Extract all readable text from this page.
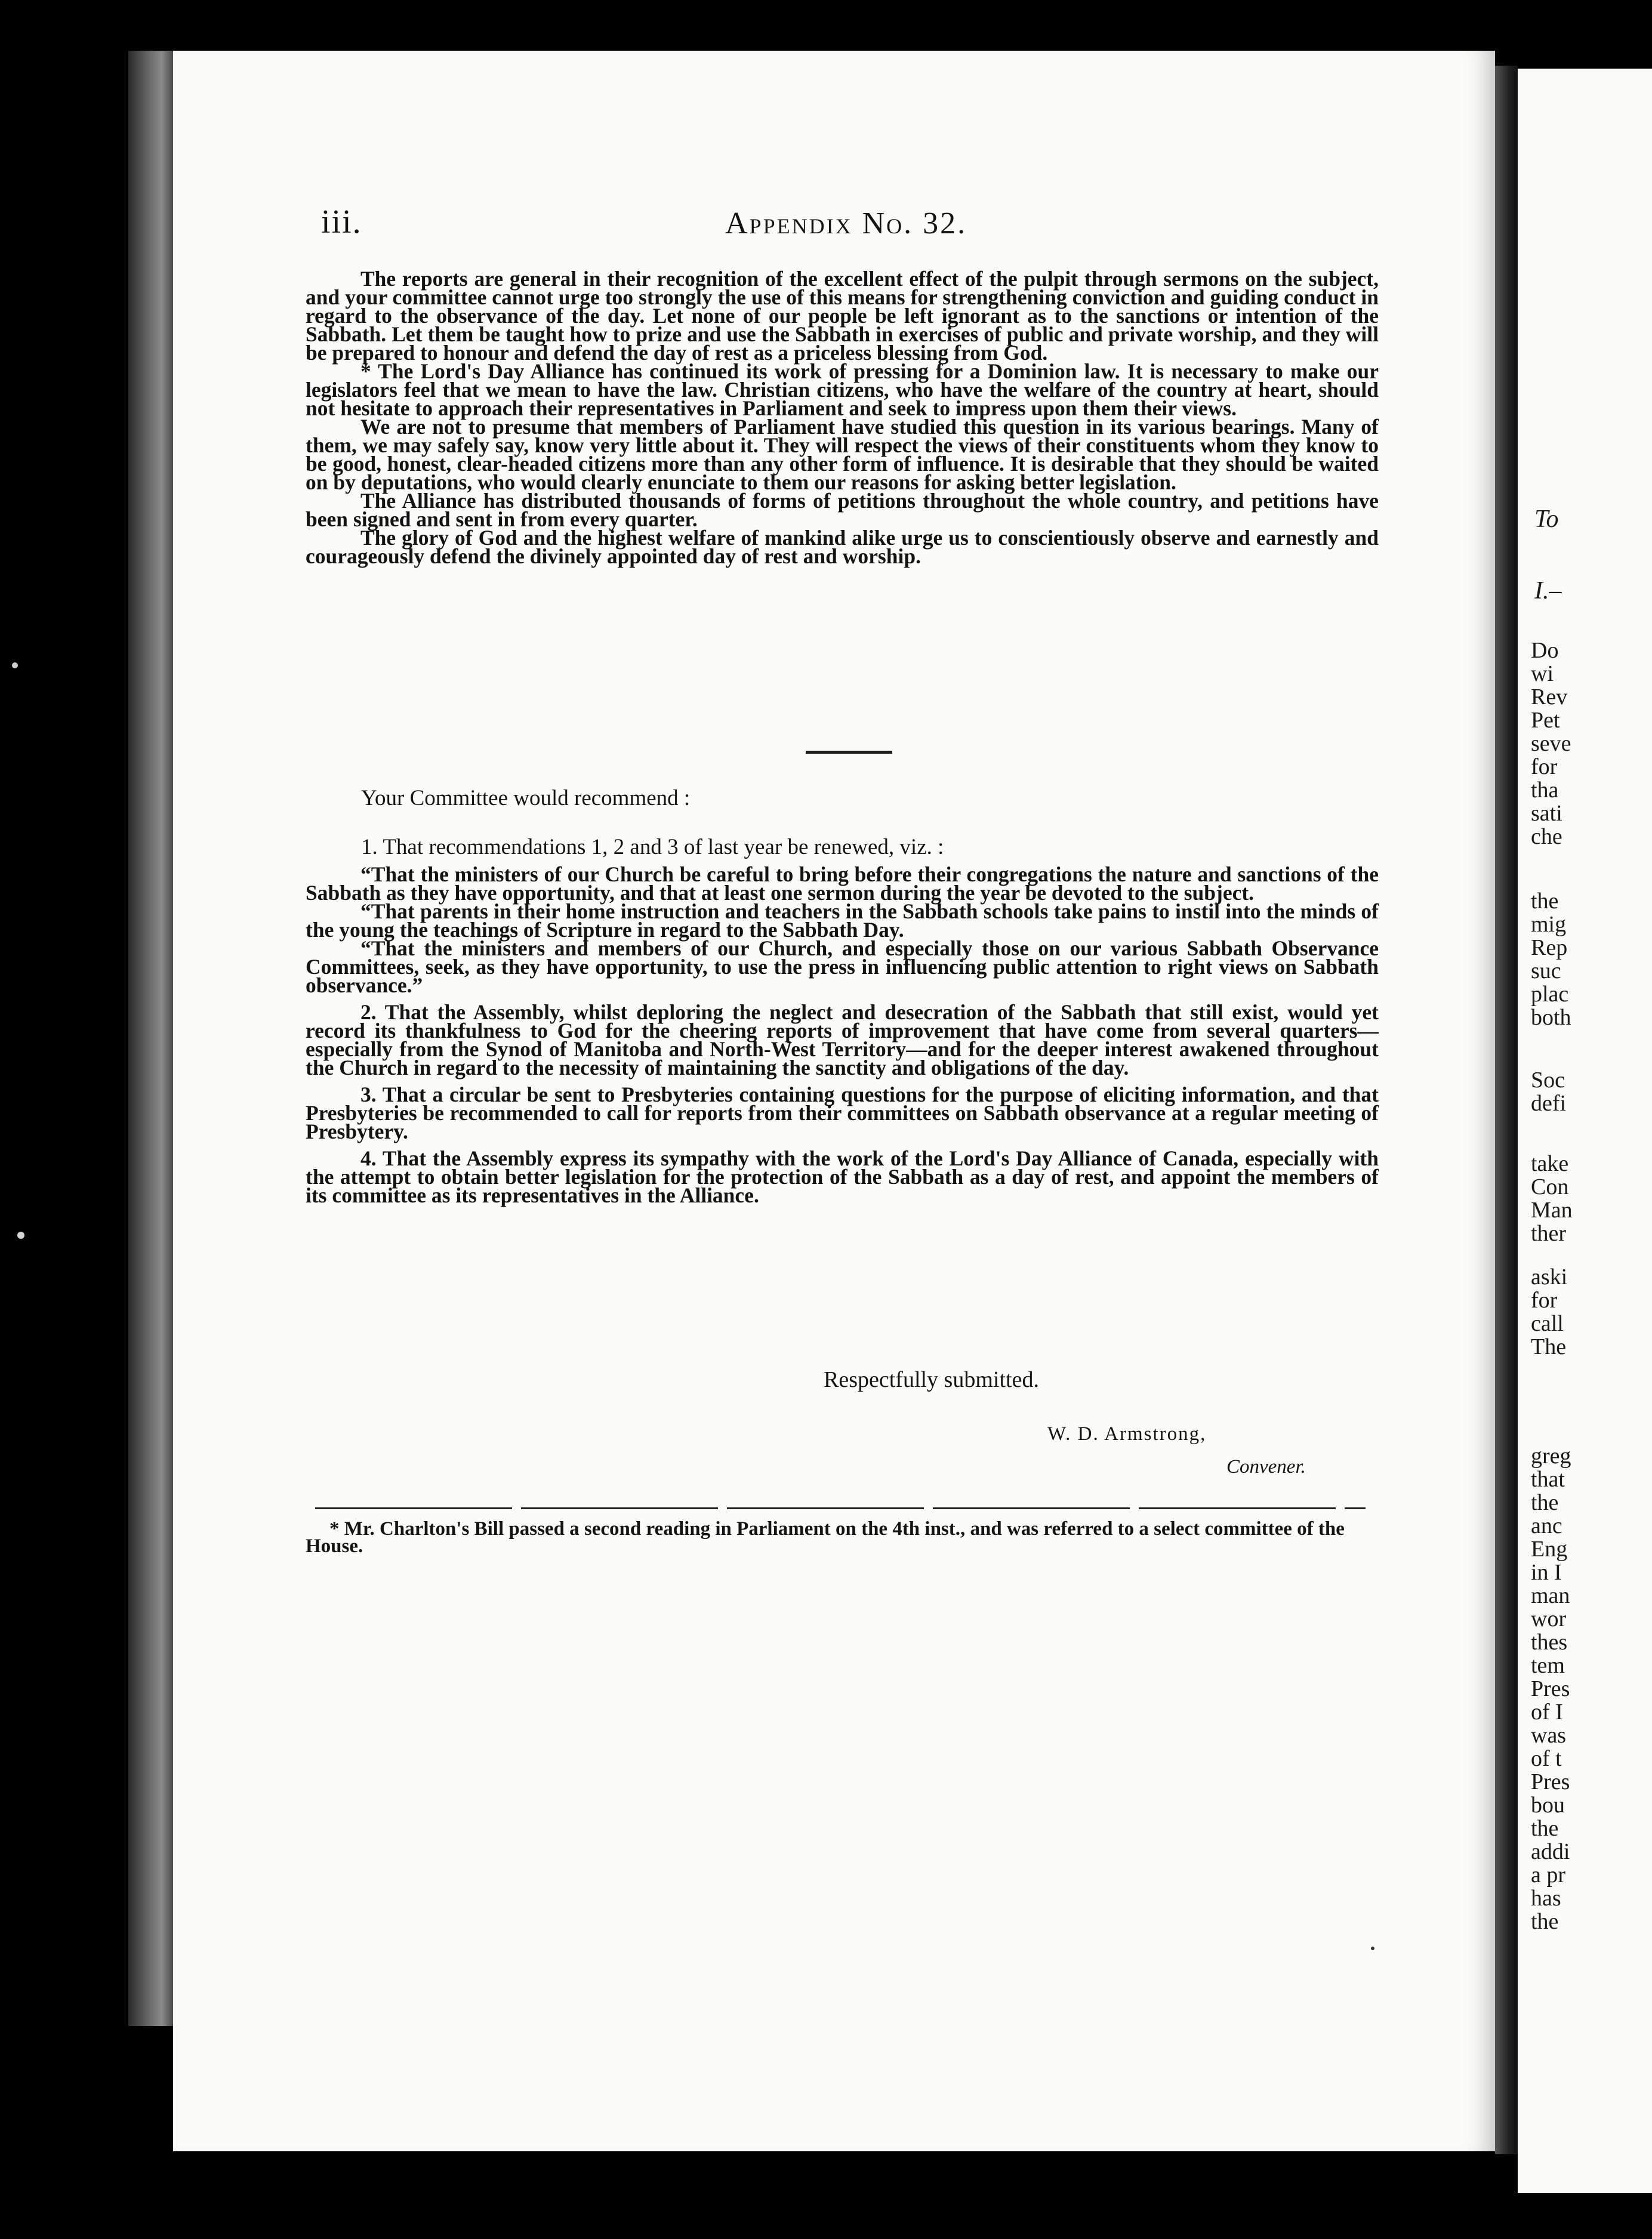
iii.	Appendix No. 32.

The reports are general in their recognition of the excellent effect of the pulpit through sermons on the subject, and your committee cannot urge too strongly the use of this means for strengthening conviction and guiding conduct in regard to the observance of the day. Let none of our people be left ignorant as to the sanctions or intention of the Sabbath. Let them be taught how to prize and use the Sabbath in exercises of public and private worship, and they will be prepared to honour and defend the day of rest as a priceless blessing from God.

* The Lord's Day Alliance has continued its work of pressing for a Dominion law. It is necessary to make our legislators feel that we mean to have the law. Christian citizens, who have the welfare of the country at heart, should not hesitate to approach their representatives in Parliament and seek to impress upon them their views.

We are not to presume that members of Parliament have studied this question in its various bearings. Many of them, we may safely say, know very little about it. They will respect the views of their constituents whom they know to be good, honest, clear-headed citizens more than any other form of influence. It is desirable that they should be waited on by deputations, who would clearly enunciate to them our reasons for asking better legislation.

The Alliance has distributed thousands of forms of petitions throughout the whole country, and petitions have been signed and sent in from every quarter.

The glory of God and the highest welfare of mankind alike urge us to conscientiously observe and earnestly and courageously defend the divinely appointed day of rest and worship.

Your Committee would recommend :
1. That recommendations 1, 2 and 3 of last year be renewed, viz. :

“That the ministers of our Church be careful to bring before their congregations the nature and sanctions of the Sabbath as they have opportunity, and that at least one sermon during the year be devoted to the subject.

“That parents in their home instruction and teachers in the Sabbath schools take pains to instil into the minds of the young the teachings of Scripture in regard to the Sabbath Day.

“That the ministers and members of our Church, and especially those on our various Sabbath Observance Committees, seek, as they have opportunity, to use the press in influencing public attention to right views on Sabbath observance.”

2. That the Assembly, whilst deploring the neglect and desecration of the Sabbath that still exist, would yet record its thankfulness to God for the cheering reports of improvement that have come from several quarters—especially from the Synod of Manitoba and North-West Territory—and for the deeper interest awakened throughout the Church in regard to the necessity of maintaining the sanctity and obligations of the day.

3. That a circular be sent to Presbyteries containing questions for the purpose of eliciting information, and that Presbyteries be recommended to call for reports from their committees on Sabbath observance at a regular meeting of Presbytery.

4. That the Assembly express its sympathy with the work of the Lord's Day Alliance of Canada, especially with the attempt to obtain better legislation for the protection of the Sabbath as a day of rest, and appoint the members of its committee as its representatives in the Alliance.

Respectfully submitted.
W. D. Armstrong,
Convener.
* Mr. Charlton's Bill passed a second reading in Parliament on the 4th inst., and was referred to a select committee of the House.
To
I.–
Do
wi
Rev
Pet
seve
for
tha
sati
che
the
mig
Rep
suc
plac
both
Soc
defi
take
Con
Man
ther
aski
for
call
The
greg
that
the
anc
Eng
in I
man
wor
thes
tem
Pres
of I
was
of t
Pres
bou
the
addi
a pr
has
the
